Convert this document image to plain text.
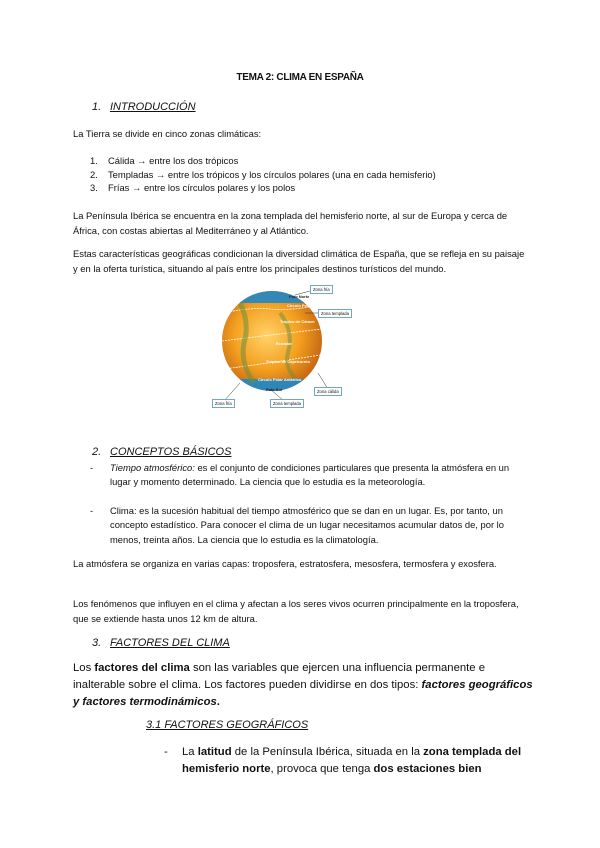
TEMA 2: CLIMA EN ESPAÑA
1. INTRODUCCIÓN
La Tierra se divide en cinco zonas climáticas:
1. Cálida → entre los dos trópicos
2. Templadas → entre los trópicos y los círculos polares (una en cada hemisferio)
3. Frías → entre los círculos polares y los polos
La Península Ibérica se encuentra en la zona templada del hemisferio norte, al sur de Europa y cerca de África, con costas abiertas al Mediterráneo y al Atlántico.
Estas características geográficas condicionan la diversidad climática de España, que se refleja en su paisaje y en la oferta turística, situando al país entre los principales destinos turísticos del mundo.
Polo Norte
Círculo Polar Ártico
Trópico de Cáncer
Ecuador
Trópico de Capricornio
Círculo Polar Antártico
Polo Sur
Zona fría
Zona templada
Zona cálida
Zona fría	Zona templada
2. CONCEPTOS BÁSICOS
-	Tiempo atmosférico: es el conjunto de condiciones particulares que presenta la atmósfera en un lugar y momento determinado. La ciencia que lo estudia es la meteorología.
-	Clima: es la sucesión habitual del tiempo atmosférico que se dan en un lugar. Es, por tanto, un concepto estadístico. Para conocer el clima de un lugar necesitamos acumular datos de, por lo menos, treinta años. La ciencia que lo estudia es la climatología.
La atmósfera se organiza en varias capas: troposfera, estratosfera, mesosfera, termosfera y exosfera.
Los fenómenos que influyen en el clima y afectan a los seres vivos ocurren principalmente en la troposfera, que se extiende hasta unos 12 km de altura.
3. FACTORES DEL CLIMA
Los factores del clima son las variables que ejercen una influencia permanente e inalterable sobre el clima. Los factores pueden dividirse en dos tipos: factores geográficos y factores termodinámicos.
3.1 FACTORES GEOGRÁFICOS
-	La latitud de la Península Ibérica, situada en la zona templada del hemisferio norte, provoca que tenga dos estaciones bien
